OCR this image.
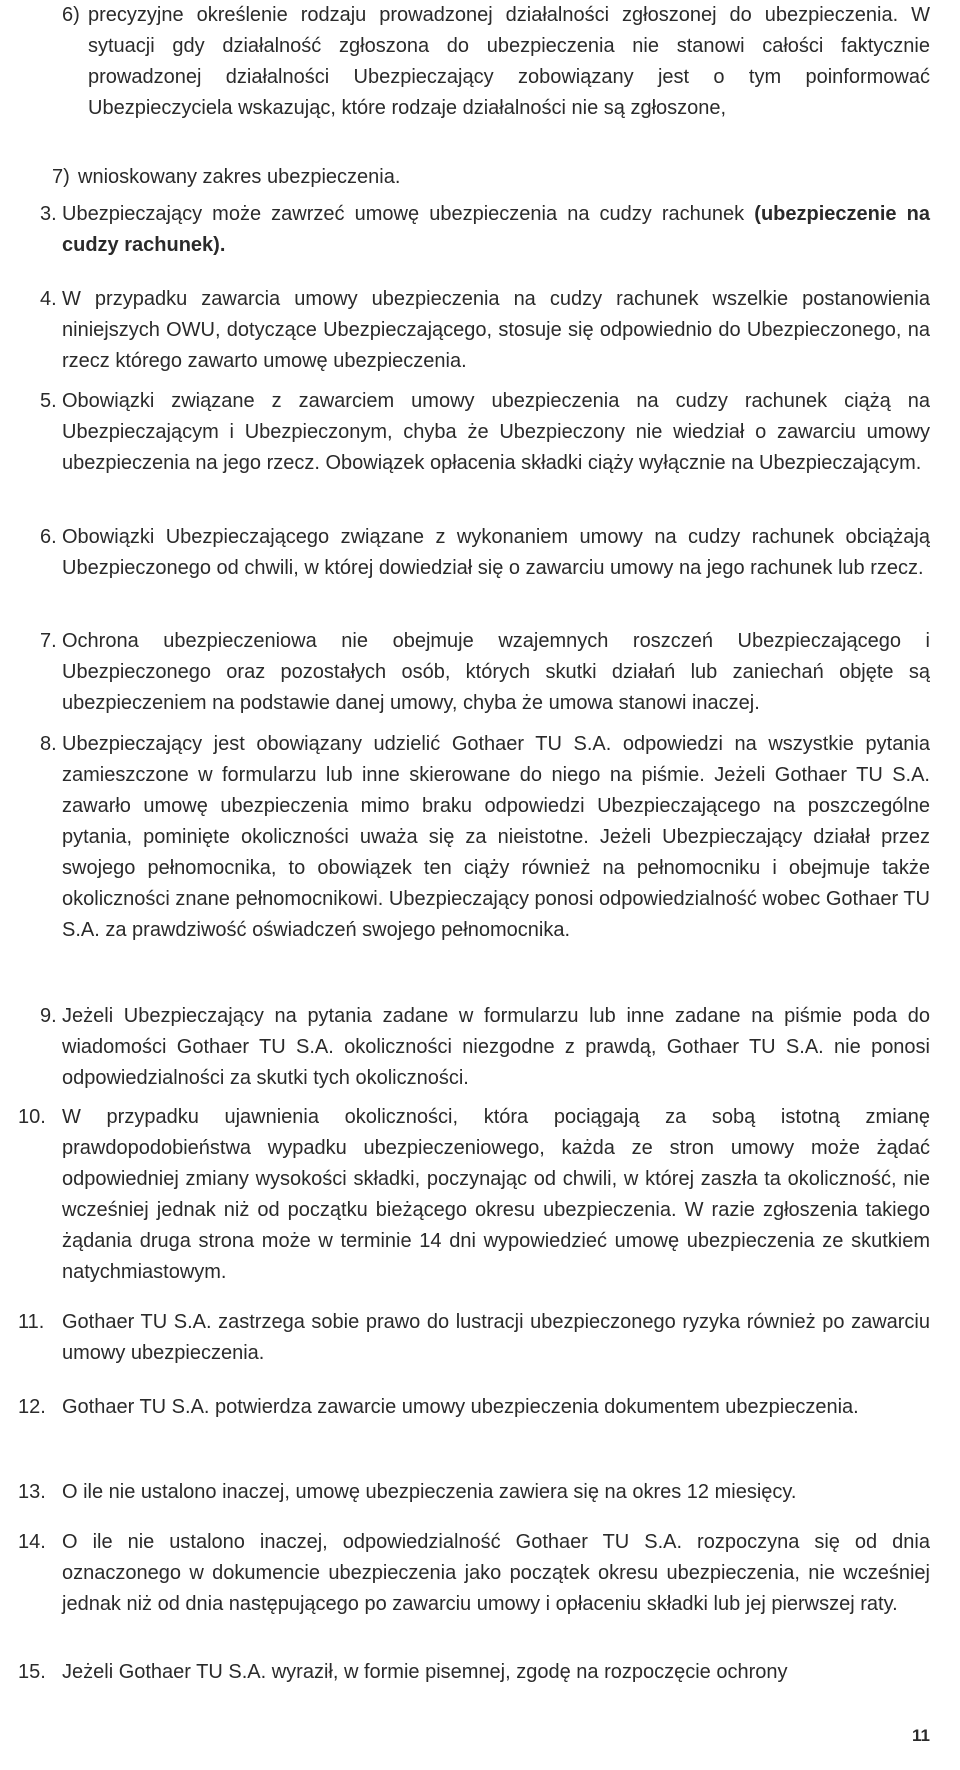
6) precyzyjne określenie rodzaju prowadzonej działalności zgłoszonej do ubezpieczenia. W sytuacji gdy działalność zgłoszona do ubezpieczenia nie stanowi całości faktycznie prowadzonej działalności Ubezpieczający zobowiązany jest o tym poinformować Ubezpieczyciela wskazując, które rodzaje działalności nie są zgłoszone,
7) wnioskowany zakres ubezpieczenia.
3. Ubezpieczający może zawrzeć umowę ubezpieczenia na cudzy rachunek (ubezpieczenie na cudzy rachunek).
4. W przypadku zawarcia umowy ubezpieczenia na cudzy rachunek wszelkie postanowienia niniejszych OWU, dotyczące Ubezpieczającego, stosuje się odpowiednio do Ubezpieczonego, na rzecz którego zawarto umowę ubezpieczenia.
5. Obowiązki związane z zawarciem umowy ubezpieczenia na cudzy rachunek ciążą na Ubezpieczającym i Ubezpieczonym, chyba że Ubezpieczony nie wiedział o zawarciu umowy ubezpieczenia na jego rzecz. Obowiązek opłacenia składki ciąży wyłącznie na Ubezpieczającym.
6. Obowiązki Ubezpieczającego związane z wykonaniem umowy na cudzy rachunek obciążają Ubezpieczonego od chwili, w której dowiedział się o zawarciu umowy na jego rachunek lub rzecz.
7. Ochrona ubezpieczeniowa nie obejmuje wzajemnych roszczeń Ubezpieczającego i Ubezpieczonego oraz pozostałych osób, których skutki działań lub zaniechań objęte są ubezpieczeniem na podstawie danej umowy, chyba że umowa stanowi inaczej.
8. Ubezpieczający jest obowiązany udzielić Gothaer TU S.A. odpowiedzi na wszystkie pytania zamieszczone w formularzu lub inne skierowane do niego na piśmie. Jeżeli Gothaer TU S.A. zawarło umowę ubezpieczenia mimo braku odpowiedzi Ubezpieczającego na poszczególne pytania, pominięte okoliczności uważa się za nieistotne. Jeżeli Ubezpieczający działał przez swojego pełnomocnika, to obowiązek ten ciąży również na pełnomocniku i obejmuje także okoliczności znane pełnomocnikowi. Ubezpieczający ponosi odpowiedzialność wobec Gothaer TU S.A. za prawdziwość oświadczeń swojego pełnomocnika.
9. Jeżeli Ubezpieczający na pytania zadane w formularzu lub inne zadane na piśmie poda do wiadomości Gothaer TU S.A. okoliczności niezgodne z prawdą, Gothaer TU S.A. nie ponosi odpowiedzialności za skutki tych okoliczności.
10. W przypadku ujawnienia okoliczności, która pociągają za sobą istotną zmianę prawdopodobieństwa wypadku ubezpieczeniowego, każda ze stron umowy może żądać odpowiedniej zmiany wysokości składki, poczynając od chwili, w której zaszła ta okoliczność, nie wcześniej jednak niż od początku bieżącego okresu ubezpieczenia. W razie zgłoszenia takiego żądania druga strona może w terminie 14 dni wypowiedzieć umowę ubezpieczenia ze skutkiem natychmiastowym.
11. Gothaer TU S.A. zastrzega sobie prawo do lustracji ubezpieczonego ryzyka również po zawarciu umowy ubezpieczenia.
12. Gothaer TU S.A. potwierdza zawarcie umowy ubezpieczenia dokumentem ubezpieczenia.
13. O ile nie ustalono inaczej, umowę ubezpieczenia zawiera się na okres 12 miesięcy.
14. O ile nie ustalono inaczej, odpowiedzialność Gothaer TU S.A. rozpoczyna się od dnia oznaczonego w dokumencie ubezpieczenia jako początek okresu ubezpieczenia, nie wcześniej jednak niż od dnia następującego po zawarciu umowy i opłaceniu składki lub jej pierwszej raty.
15. Jeżeli Gothaer TU S.A. wyraził, w formie pisemnej, zgodę na rozpoczęcie ochrony
11
